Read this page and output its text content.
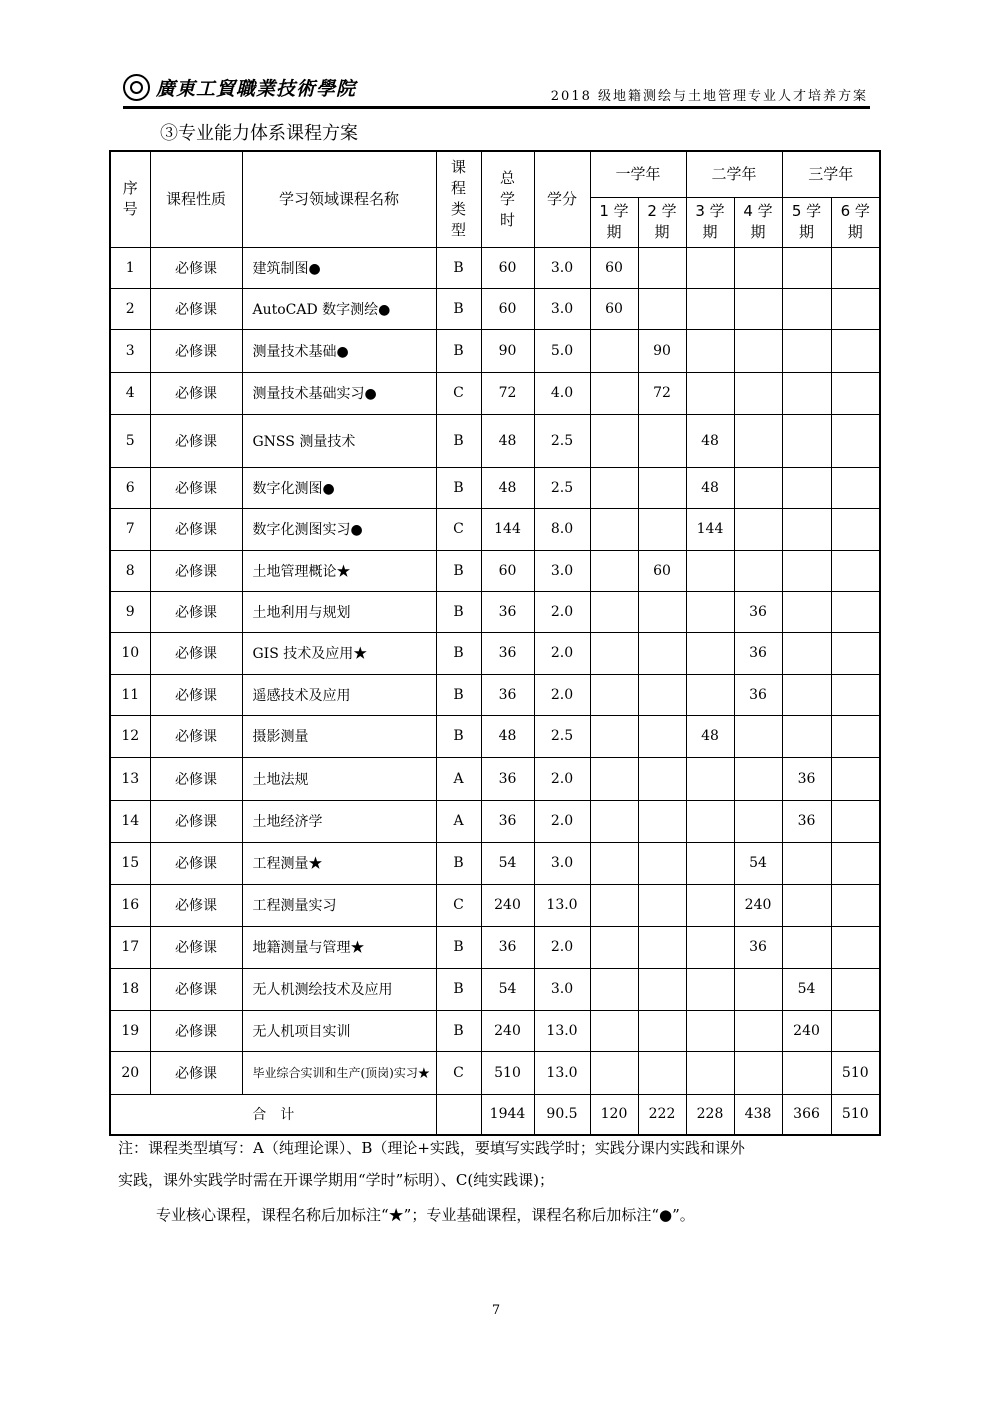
廣東工貿職業技術學院	2018 级地籍测绘与土地管理专业人才培养方案
③专业能力体系课程方案
序号	课程性质	学习领域课程名称	课程类型	总学时	学分	一学年		二学年		三学年	

						1 学期	2 学期	3 学期	4 学期	5 学期	6 学期

1	必修课	建筑制图●	B	60	3.0	60					
2	必修课	AutoCAD 数字测绘●	B	60	3.0	60					
3	必修课	测量技术基础●	B	90	5.0		90				
4	必修课	测量技术基础实习●	C	72	4.0		72				
5	必修课	GNSS 测量技术	B	48	2.5			48			
6	必修课	数字化测图●	B	48	2.5			48			
7	必修课	数字化测图实习●	C	144	8.0			144			
8	必修课	土地管理概论★	B	60	3.0		60				
9	必修课	土地利用与规划	B	36	2.0				36		
10	必修课	GIS 技术及应用★	B	36	2.0				36		
11	必修课	遥感技术及应用	B	36	2.0				36		
12	必修课	摄影测量	B	48	2.5			48			
13	必修课	土地法规	A	36	2.0					36	
14	必修课	土地经济学	A	36	2.0					36	
15	必修课	工程测量★	B	54	3.0				54		
16	必修课	工程测量实习	C	240	13.0				240		
17	必修课	地籍测量与管理★	B	36	2.0				36		
18	必修课	无人机测绘技术及应用	B	54	3.0					54	
19	必修课	无人机项目实训	B	240	13.0					240	
20	必修课	毕业综合实训和生产(顶岗)实习★	C	510	13.0						510
合　计				1944	90.5	120	222	228	438	366	510
注：课程类型填写：A（纯理论课）、B（理论+实践，要填写实践学时；实践分课内实践和课外
实践，课外实践学时需在开课学期用“学时”标明）、C(纯实践课)；
专业核心课程，课程名称后加标注“★”；专业基础课程，课程名称后加标注“●”。
7
